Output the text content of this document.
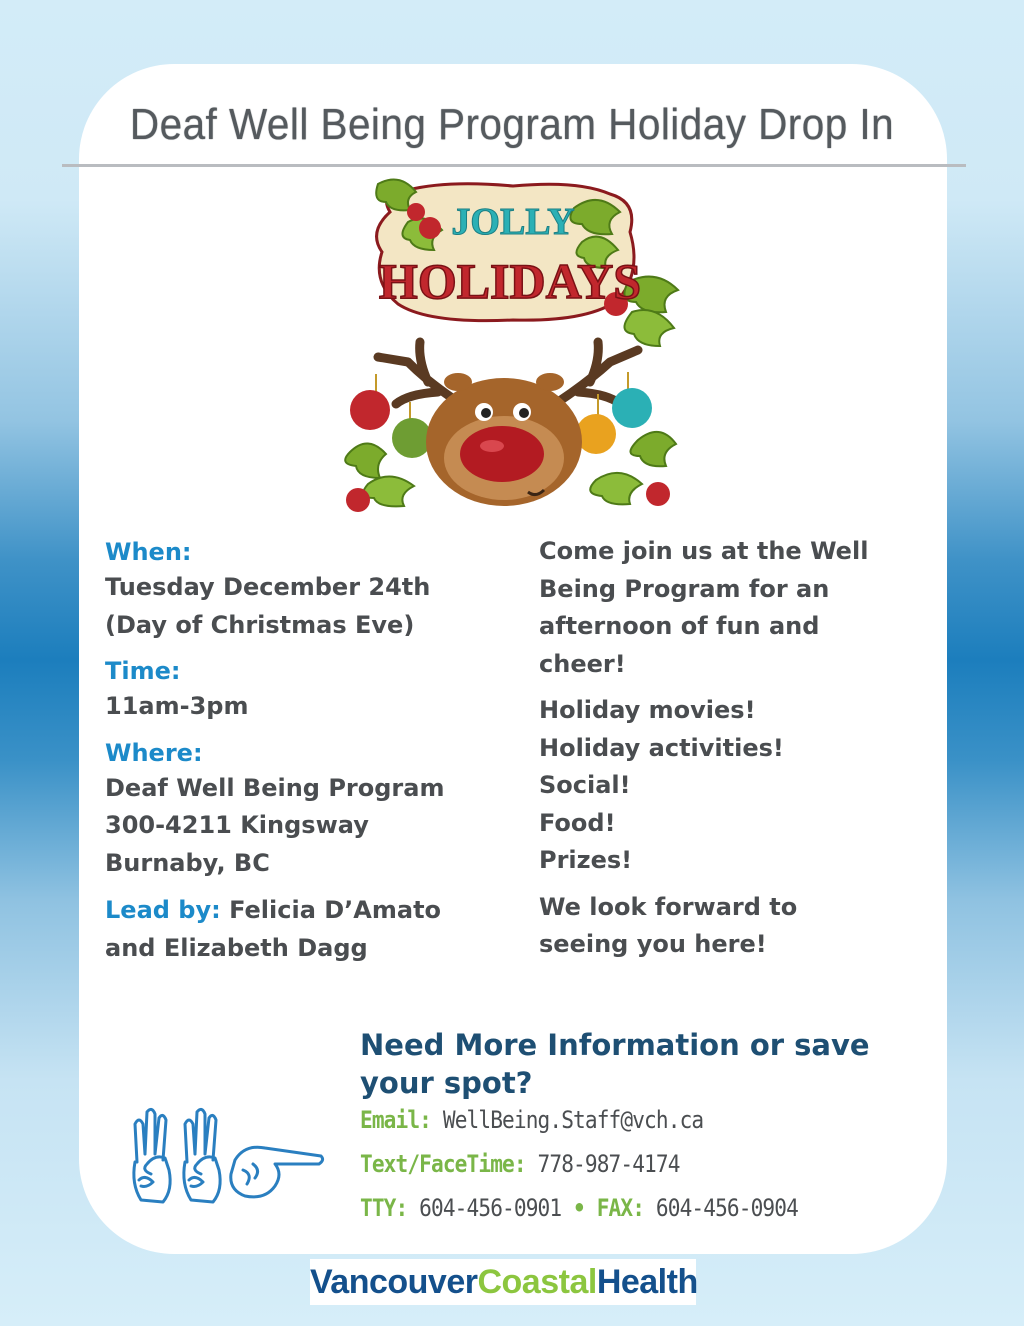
Deaf Well Being Program Holiday Drop In
JOLLY
HOLIDAYS
When:
Tuesday December 24th
(Day of Christmas Eve)
Time:
11am-3pm
Where:
Deaf Well Being Program
300-4211 Kingsway
Burnaby, BC
Lead by: Felicia D’Amato
and Elizabeth Dagg
Come join us at the Well
Being Program for an
afternoon of fun and
cheer!
Holiday movies!
Holiday activities!
Social!
Food!
Prizes!
We look forward to
seeing you here!
Need More Information or save
your spot?
Email: WellBeing.Staff@vch.ca
Text/FaceTime: 778-987-4174
TTY: 604-456-0901 • FAX: 604-456-0904
VancouverCoastalHealth
